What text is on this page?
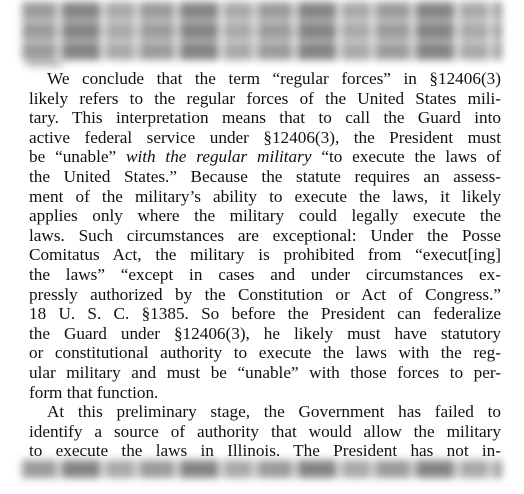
We conclude that the term “regular forces” in §12406(3)
likely refers to the regular forces of the United States mili-
tary. This interpretation means that to call the Guard into
active federal service under §12406(3), the President must
be “unable” with the regular military “to execute the laws of
the United States.” Because the statute requires an assess-
ment of the military’s ability to execute the laws, it likely
applies only where the military could legally execute the
laws. Such circumstances are exceptional: Under the Posse
Comitatus Act, the military is prohibited from “execut[ing]
the laws” “except in cases and under circumstances ex-
pressly authorized by the Constitution or Act of Congress.”
18 U. S. C. §1385. So before the President can federalize
the Guard under §12406(3), he likely must have statutory
or constitutional authority to execute the laws with the reg-
ular military and must be “unable” with those forces to per-
form that function.
At this preliminary stage, the Government has failed to
identify a source of authority that would allow the military
to execute the laws in Illinois. The President has not in-
